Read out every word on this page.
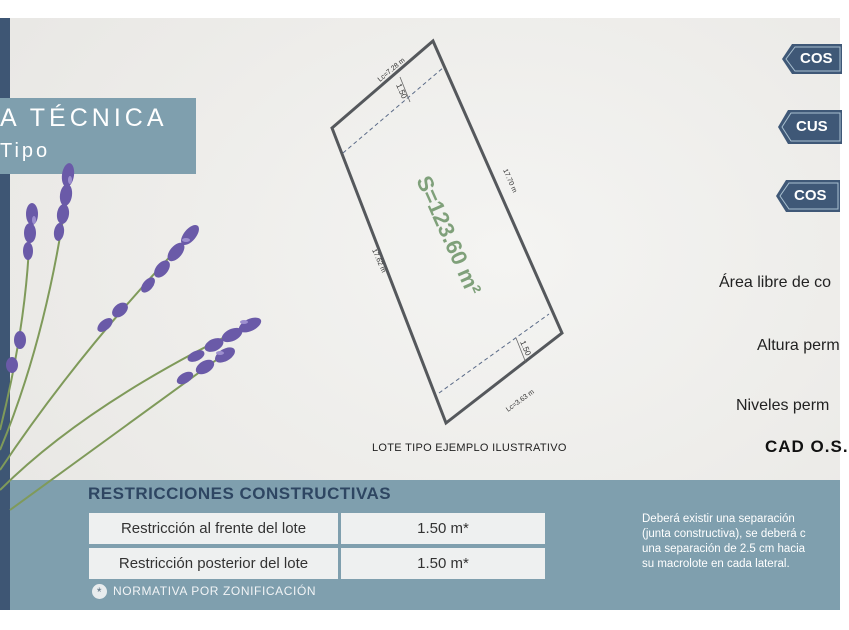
A TÉCNICA
Tipo
Lc=7.28 m
17.70 m
17.62 m
Lc=3.63 m
1.50
1.50
S=123.60 m²
LOTE TIPO EJEMPLO ILUSTRATIVO
COS
CUS
COS
Área libre de co
Altura perm
Niveles perm
CAD O.S.
RESTRICCIONES CONSTRUCTIVAS
Restricción al frente del lote	1.50 m*
Restricción posterior del lote	1.50 m*
* NORMATIVA POR ZONIFICACIÓN
Deberá existir una separación
(junta constructiva), se deberá c
una separación de 2.5 cm hacia
su macrolote en cada lateral.
